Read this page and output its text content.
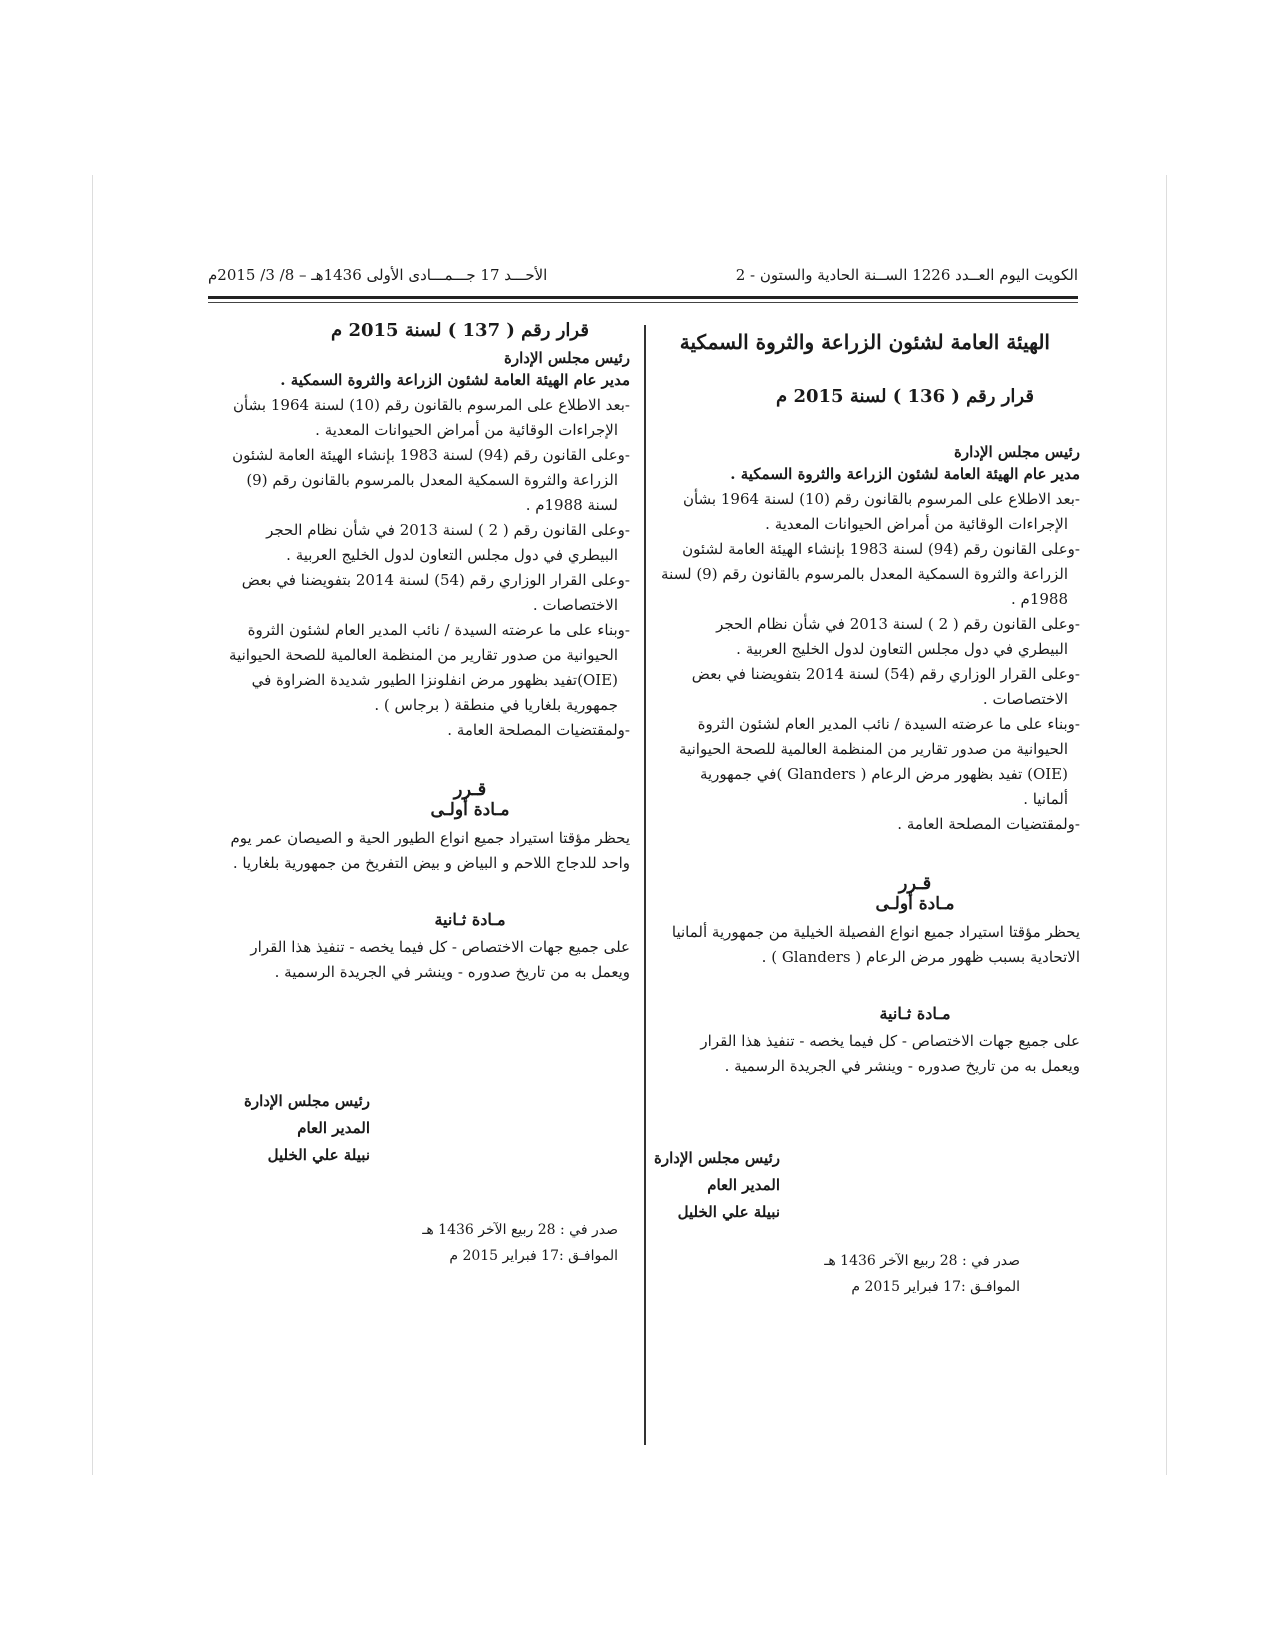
الكويت اليوم العــدد 1226 الســنة الحادية والستون - 2
الأحـــد 17 جـــمـــادى الأولى 1436هـ – 8/ 3/ 2015م

الهيئة العامة لشئون الزراعة والثروة السمكية

قرار رقم ( 136 ) لسنة 2015 م

رئيس مجلس الإدارة

مدير عام الهيئة العامة لشئون الزراعة والثروة السمكية .

-بعد الاطلاع على المرسوم بالقانون رقم (10) لسنة 1964 بشأن
الإجراءات الوقائية من أمراض الحيوانات المعدية .

-وعلى القانون رقم (94) لسنة 1983 بإنشاء الهيئة العامة لشئون
الزراعة والثروة السمكية المعدل بالمرسوم بالقانون رقم (9) لسنة 1988م .

-وعلى القانون رقم ( 2 ) لسنة 2013 في شأن نظام الحجر
البيطري في دول مجلس التعاون لدول الخليج العربية .

-وعلى القرار الوزاري رقم (54) لسنة 2014 بتفويضنا في بعض
الاختصاصات .

-وبناء على ما عرضته السيدة / نائب المدير العام لشئون الثروة
الحيوانية من صدور تقارير من المنظمة العالمية للصحة الحيوانية (OIE) تفيد بظهور مرض الرعام ( Glanders )في جمهورية ألمانيا .

-ولمقتضيات المصلحة العامة .

قـرر

مـادة أولـى

يحظر مؤقتا استيراد جميع انواع الفصيلة الخيلية من جمهورية ألمانيا الاتحادية بسبب ظهور مرض الرعام ( Glanders ) .

مـادة ثـانية

على جميع جهات الاختصاص - كل فيما يخصه - تنفيذ هذا القرار ويعمل به من تاريخ صدوره - وينشر في الجريدة الرسمية .

رئيس مجلس الإدارة

المدير العام

نبيلة علي الخليل

صدر في : 28 ربيع الآخر 1436 هـ

الموافـق :17 فبراير 2015 م

قرار رقم ( 137 ) لسنة 2015 م

رئيس مجلس الإدارة

مدير عام الهيئة العامة لشئون الزراعة والثروة السمكية .

-بعد الاطلاع على المرسوم بالقانون رقم (10) لسنة 1964 بشأن
الإجراءات الوقائية من أمراض الحيوانات المعدية .

-وعلى القانون رقم (94) لسنة 1983 بإنشاء الهيئة العامة لشئون
الزراعة والثروة السمكية المعدل بالمرسوم بالقانون رقم (9) لسنة 1988م .

-وعلى القانون رقم ( 2 ) لسنة 2013 في شأن نظام الحجر
البيطري في دول مجلس التعاون لدول الخليج العربية .

-وعلى القرار الوزاري رقم (54) لسنة 2014 بتفويضنا في بعض
الاختصاصات .

-وبناء على ما عرضته السيدة / نائب المدير العام لشئون الثروة
الحيوانية من صدور تقارير من المنظمة العالمية للصحة الحيوانية (OIE)تفيد بظهور مرض انفلونزا الطيور شديدة الضراوة في جمهورية بلغاريا في منطقة ( برجاس ) .

-ولمقتضيات المصلحة العامة .

قـرر

مـادة أولـى

يحظر مؤقتا استيراد جميع انواع الطيور الحية و الصيصان عمر يوم واحد للدجاج اللاحم و البياض و بيض التفريخ من جمهورية بلغاريا .

مـادة ثـانية

على جميع جهات الاختصاص - كل فيما يخصه - تنفيذ هذا القرار ويعمل به من تاريخ صدوره - وينشر في الجريدة الرسمية .

رئيس مجلس الإدارة

المدير العام

نبيلة علي الخليل

صدر في : 28 ربيع الآخر 1436 هـ

الموافـق :17 فبراير 2015 م
